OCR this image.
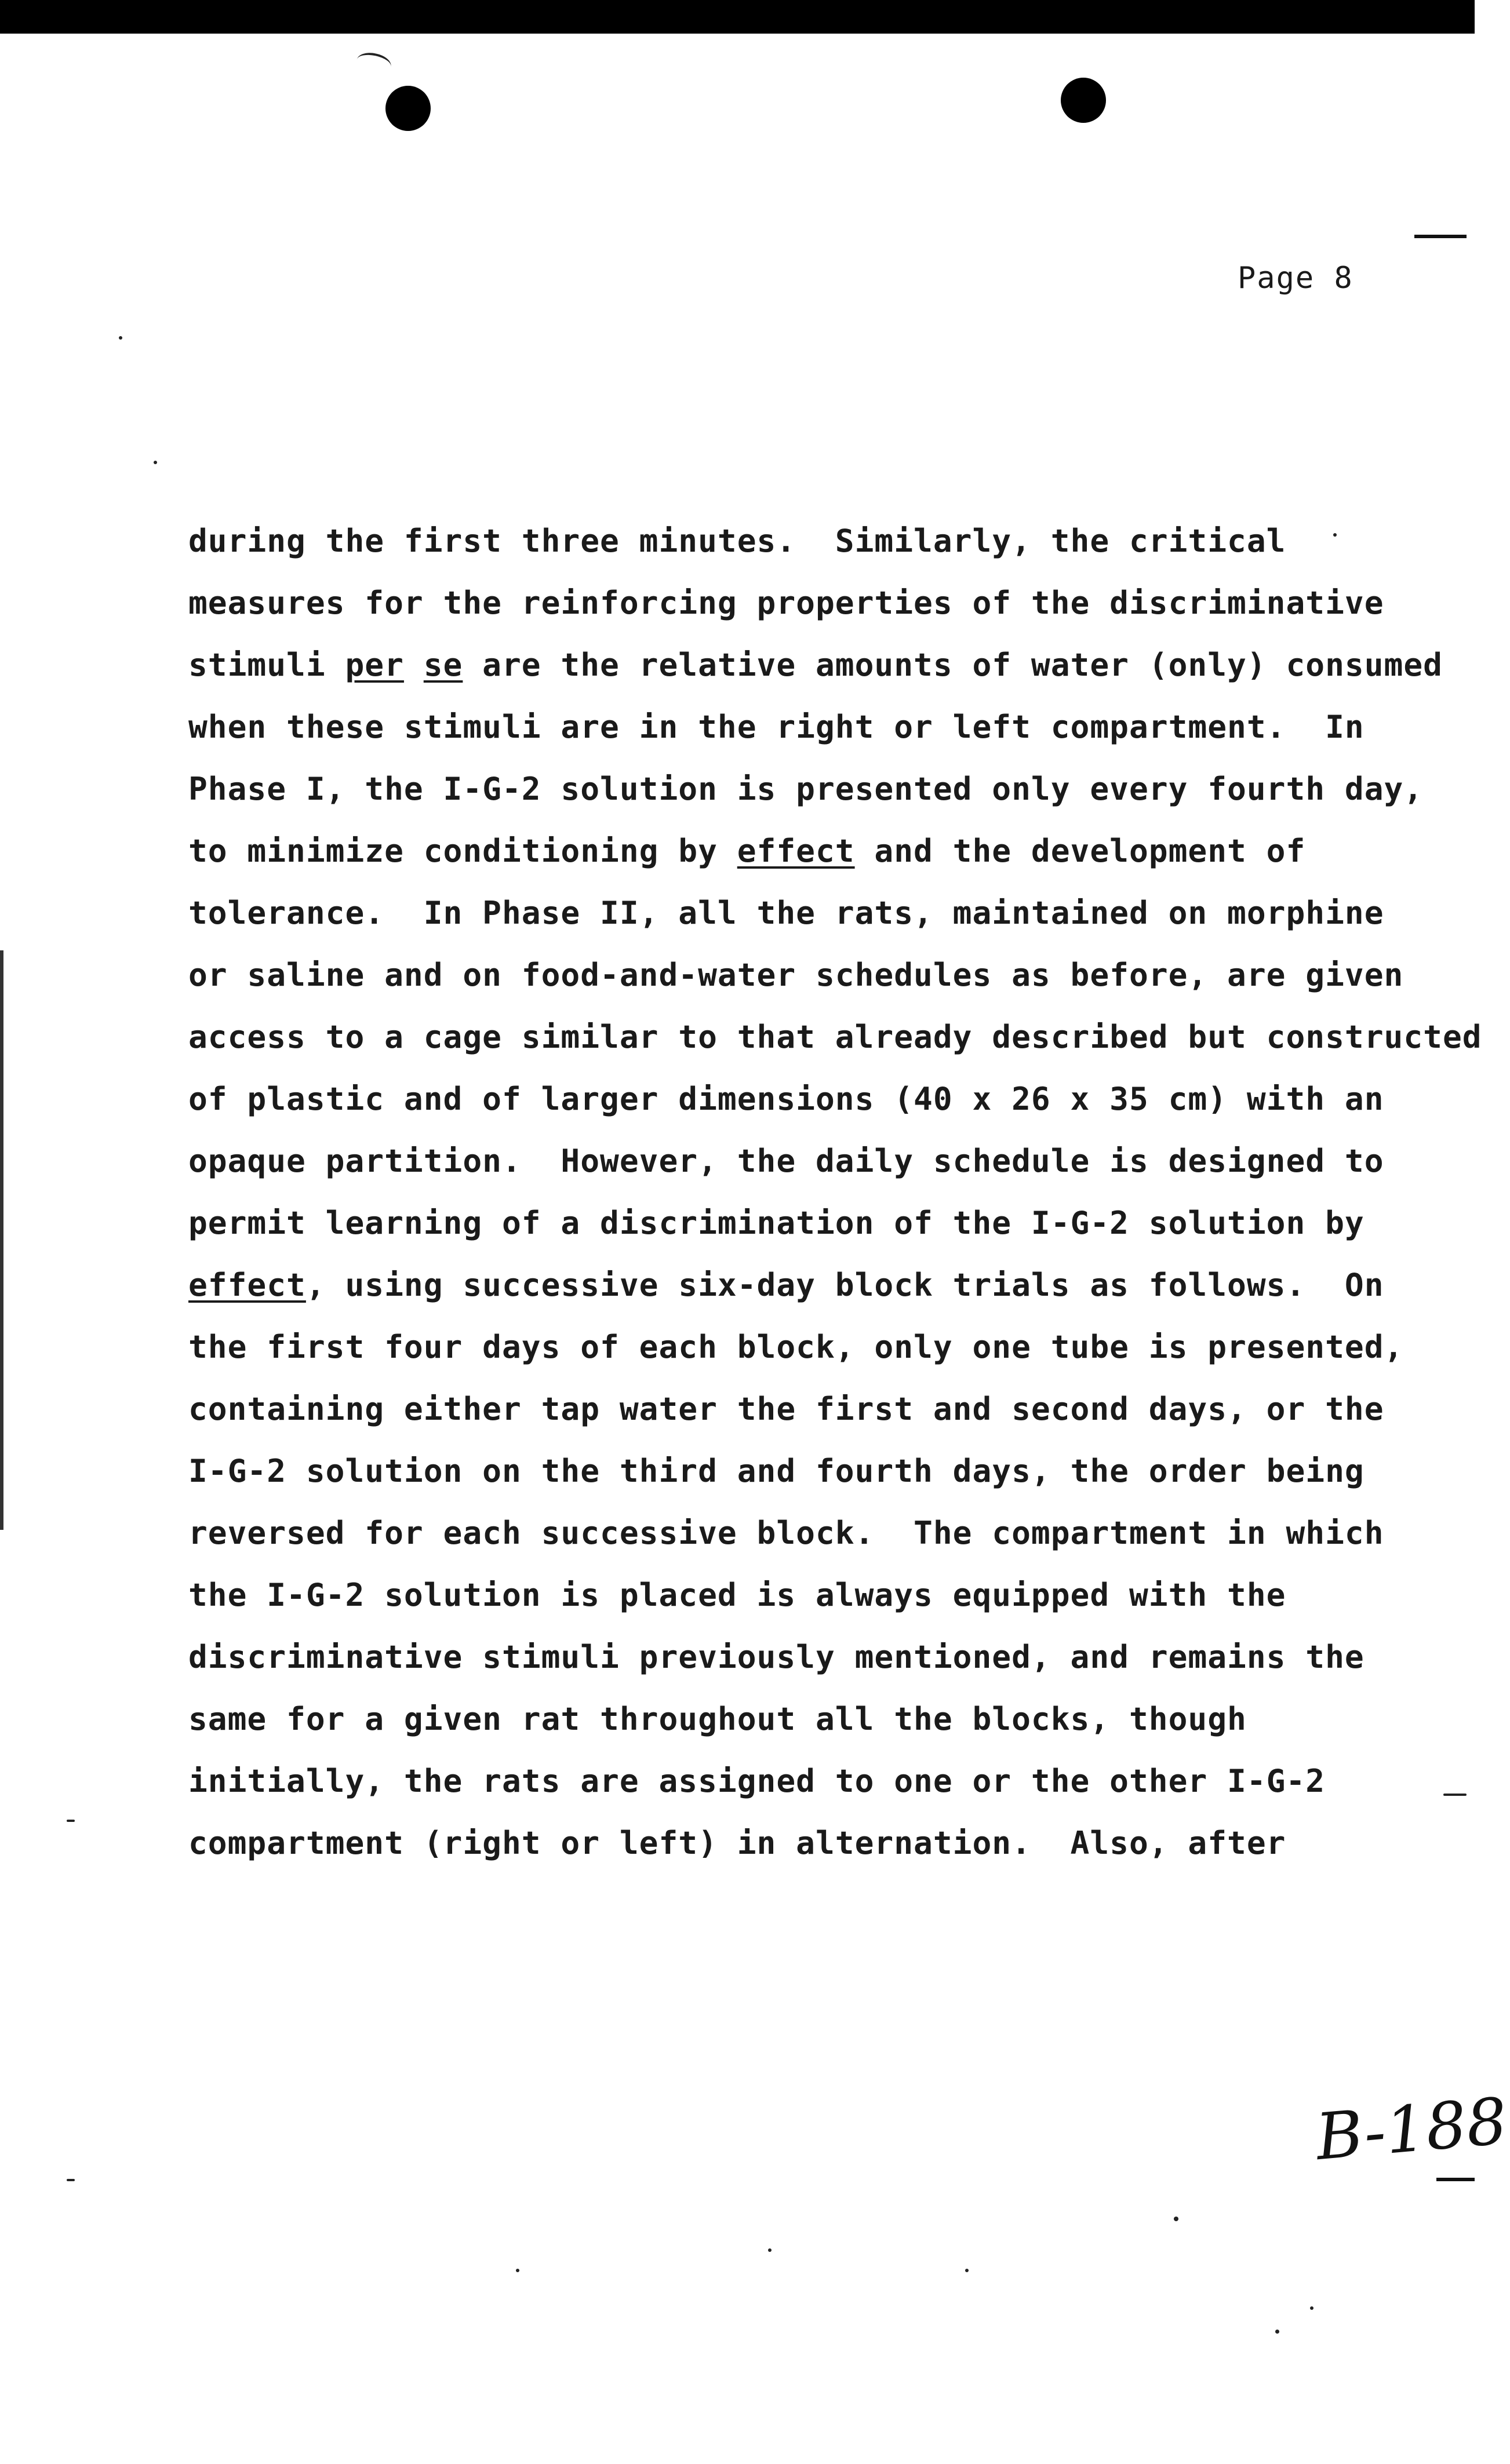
Page 8
during the first three minutes.  Similarly, the critical
measures for the reinforcing properties of the discriminative
stimuli per se are the relative amounts of water (only) consumed
when these stimuli are in the right or left compartment.  In
Phase I, the I-G-2 solution is presented only every fourth day,
to minimize conditioning by effect and the development of
tolerance.  In Phase II, all the rats, maintained on morphine
or saline and on food-and-water schedules as before, are given
access to a cage similar to that already described but constructed
of plastic and of larger dimensions (40 x 26 x 35 cm) with an
opaque partition.  However, the daily schedule is designed to
permit learning of a discrimination of the I-G-2 solution by
effect, using successive six-day block trials as follows.  On
the first four days of each block, only one tube is presented,
containing either tap water the first and second days, or the
I-G-2 solution on the third and fourth days, the order being
reversed for each successive block.  The compartment in which
the I-G-2 solution is placed is always equipped with the
discriminative stimuli previously mentioned, and remains the
same for a given rat throughout all the blocks, though
initially, the rats are assigned to one or the other I-G-2
compartment (right or left) in alternation.  Also, after
B-188
